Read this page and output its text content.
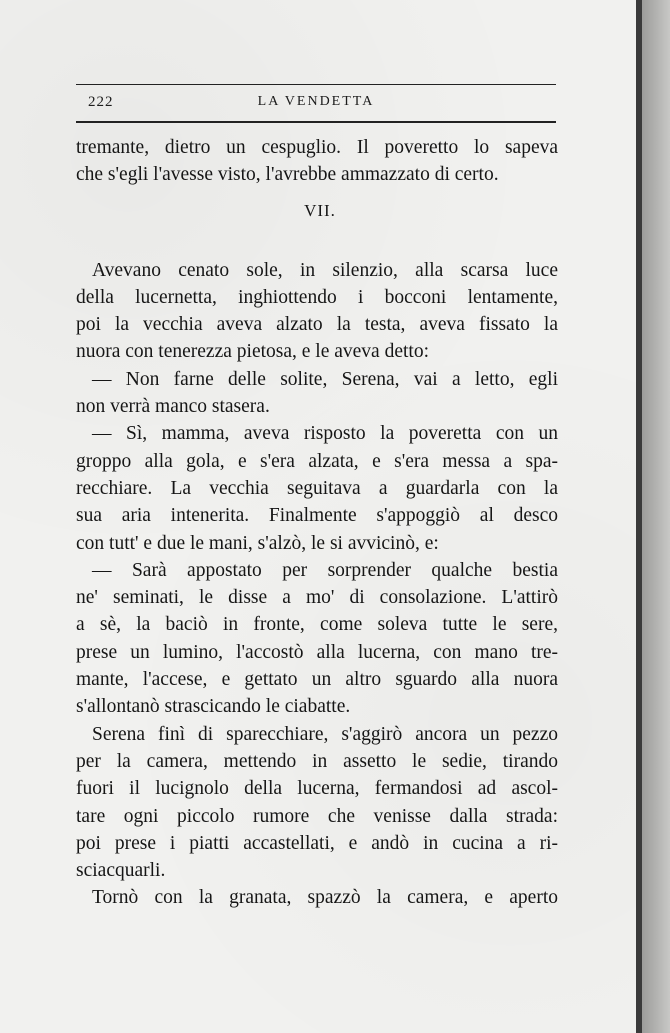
222	LA VENDETTA
tremante, dietro un cespuglio. Il poveretto lo sapeva
che s'egli l'avesse visto, l'avrebbe ammazzato di certo.
VII.
Avevano cenato sole, in silenzio, alla scarsa luce
della lucernetta, inghiottendo i bocconi lentamente,
poi la vecchia aveva alzato la testa, aveva fissato la
nuora con tenerezza pietosa, e le aveva detto:
— Non farne delle solite, Serena, vai a letto, egli
non verrà manco stasera.
— Sì, mamma, aveva risposto la poveretta con un
groppo alla gola, e s'era alzata, e s'era messa a spa-
recchiare. La vecchia seguitava a guardarla con la
sua aria intenerita. Finalmente s'appoggiò al desco
con tutt' e due le mani, s'alzò, le si avvicinò, e:
— Sarà appostato per sorprender qualche bestia
ne' seminati, le disse a mo' di consolazione. L'attirò
a sè, la baciò in fronte, come soleva tutte le sere,
prese un lumino, l'accostò alla lucerna, con mano tre-
mante, l'accese, e gettato un altro sguardo alla nuora
s'allontanò strascicando le ciabatte.
Serena finì di sparecchiare, s'aggirò ancora un pezzo
per la camera, mettendo in assetto le sedie, tirando
fuori il lucignolo della lucerna, fermandosi ad ascol-
tare ogni piccolo rumore che venisse dalla strada:
poi prese i piatti accastellati, e andò in cucina a ri-
sciacquarli.
Tornò con la granata, spazzò la camera, e aperto
